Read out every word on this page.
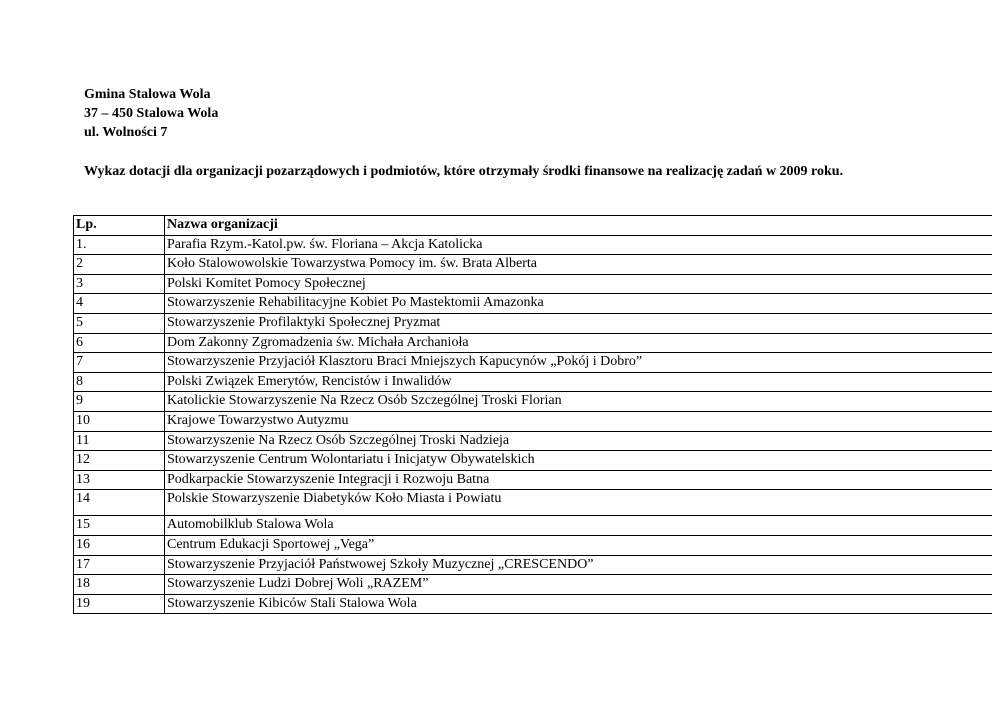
Gmina Stalowa Wola
37 – 450 Stalowa Wola
ul. Wolności 7
Wykaz dotacji dla organizacji pozarządowych i podmiotów, które otrzymały środki finansowe na realizację zadań w 2009 roku.
Lp.	Nazwa organizacji
1.	Parafia Rzym.-Katol.pw. św. Floriana – Akcja Katolicka
2	Koło Stalowowolskie Towarzystwa Pomocy im. św. Brata Alberta
3	Polski Komitet Pomocy Społecznej
4	Stowarzyszenie Rehabilitacyjne Kobiet Po Mastektomii Amazonka
5	Stowarzyszenie Profilaktyki Społecznej Pryzmat
6	Dom Zakonny Zgromadzenia św. Michała Archanioła
7	Stowarzyszenie Przyjaciół Klasztoru Braci Mniejszych Kapucynów „Pokój i Dobro”
8	Polski Związek Emerytów, Rencistów i Inwalidów
9	Katolickie Stowarzyszenie Na Rzecz Osób Szczególnej Troski Florian
10	Krajowe Towarzystwo Autyzmu
11	Stowarzyszenie Na Rzecz Osób Szczególnej Troski Nadzieja
12	Stowarzyszenie Centrum Wolontariatu i Inicjatyw Obywatelskich
13	Podkarpackie Stowarzyszenie Integracji i Rozwoju Batna
14	Polskie Stowarzyszenie Diabetyków Koło Miasta i Powiatu
15	Automobilklub Stalowa Wola
16	Centrum Edukacji Sportowej „Vega”
17	Stowarzyszenie Przyjaciół Państwowej Szkoły Muzycznej „CRESCENDO”
18	Stowarzyszenie Ludzi Dobrej Woli „RAZEM”
19	Stowarzyszenie Kibiców Stali Stalowa Wola
